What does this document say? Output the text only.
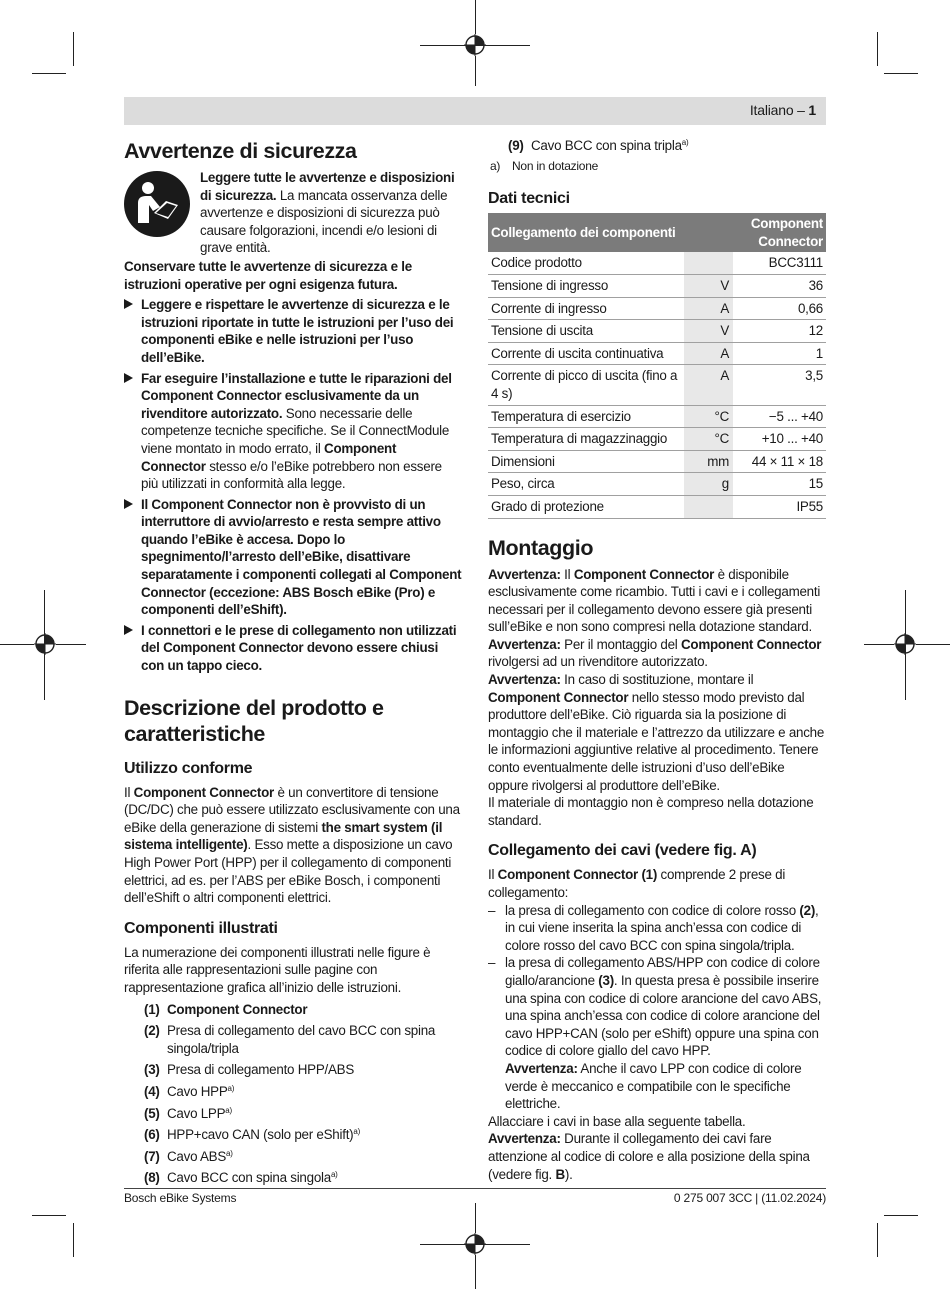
Italiano – 1
Avvertenze di sicurezza

Leggere tutte le avvertenze e disposizioni di sicurezza. La mancata osservanza delle avvertenze e disposizioni di sicurezza può causare folgorazioni, incendi e/o lesioni di grave entità.

Conservare tutte le avvertenze di sicurezza e le istruzioni operative per ogni esigenza futura.

Leggere e rispettare le avvertenze di sicurezza e le istruzioni riportate in tutte le istruzioni per l’uso dei componenti eBike e nelle istruzioni per l’uso dell’eBike.

Far eseguire l’installazione e tutte le riparazioni del Component Connector esclusivamente da un rivenditore autorizzato. Sono necessarie delle competenze tecniche specifiche. Se il ConnectModule viene montato in modo errato, il Component Connector stesso e/o l’eBike potrebbero non essere più utilizzati in conformità alla legge.

Il Component Connector non è provvisto di un interruttore di avvio/arresto e resta sempre attivo quando l’eBike è accesa. Dopo lo spegnimento/l’arresto dell’eBike, disattivare separatamente i componenti collegati al Component Connector (eccezione: ABS Bosch eBike (Pro) e componenti dell’eShift).

I connettori e le prese di collegamento non utilizzati del Component Connector devono essere chiusi con un tappo cieco.

Descrizione del prodotto e caratteristiche
Utilizzo conforme

Il Component Connector è un convertitore di tensione (DC/DC) che può essere utilizzato esclusivamente con una eBike della generazione di sistemi the smart system (il sistema intelligente). Esso mette a disposizione un cavo High Power Port (HPP) per il collegamento di componenti elettrici, ad es. per l’ABS per eBike Bosch, i componenti dell’eShift o altri componenti elettrici.

Componenti illustrati

La numerazione dei componenti illustrati nelle figure è riferita alle rappresentazioni sulle pagine con rappresentazione grafica all’inizio delle istruzioni.

(1) Component Connector
(2) Presa di collegamento del cavo BCC con spina singola/tripla
(3) Presa di collegamento HPP/ABS
(4) Cavo HPP$^{a)}$
(5) Cavo LPP$^{a)}$
(6) HPP+cavo CAN (solo per eShift)$^{a)}$
(7) Cavo ABS$^{a)}$
(8) Cavo BCC con spina singola$^{a)}$
(9) Cavo BCC con spina tripla$^{a)}$
a) Non in dotazione
Dati tecnici
Collegamento dei componenti	Component Connector	
Codice prodotto		BCC3111
Tensione di ingresso	V	36
Corrente di ingresso	A	0,66
Tensione di uscita	V	12
Corrente di uscita continuativa	A	1
Corrente di picco di uscita (fino a 4 s)	A	3,5
Temperatura di esercizio	°C	−5 ... +40
Temperatura di magazzinaggio	°C	+10 ... +40
Dimensioni	mm	44 × 11 × 18
Peso, circa	g	15
Grado di protezione		IP55
Montaggio

Avvertenza: Il Component Connector è disponibile esclusivamente come ricambio. Tutti i cavi e i collegamenti necessari per il collegamento devono essere già presenti sull’eBike e non sono compresi nella dotazione standard.

Avvertenza: Per il montaggio del Component Connector rivolgersi ad un rivenditore autorizzato.

Avvertenza: In caso di sostituzione, montare il Component Connector nello stesso modo previsto dal produttore dell’eBike. Ciò riguarda sia la posizione di montaggio che il materiale e l’attrezzo da utilizzare e anche le informazioni aggiuntive relative al procedimento. Tenere conto eventualmente delle istruzioni d’uso dell’eBike oppure rivolgersi al produttore dell’eBike.

Il materiale di montaggio non è compreso nella dotazione standard.

Collegamento dei cavi (vedere fig. A)

Il Component Connector (1) comprende 2 prese di collegamento:

– la presa di collegamento con codice di colore rosso (2), in cui viene inserita la spina anch’essa con codice di colore rosso del cavo BCC con spina singola/tripla.

– la presa di collegamento ABS/HPP con codice di colore giallo/arancione (3). In questa presa è possibile inserire una spina con codice di colore arancione del cavo ABS, una spina anch’essa con codice di colore arancione del cavo HPP+CAN (solo per eShift) oppure una spina con codice di colore giallo del cavo HPP.

Avvertenza: Anche il cavo LPP con codice di colore verde è meccanico e compatibile con le specifiche elettriche.

Allacciare i cavi in base alla seguente tabella.

Avvertenza: Durante il collegamento dei cavi fare attenzione al codice di colore e alla posizione della spina (vedere fig. B).

Bosch eBike Systems	0 275 007 3CC | (11.02.2024)
